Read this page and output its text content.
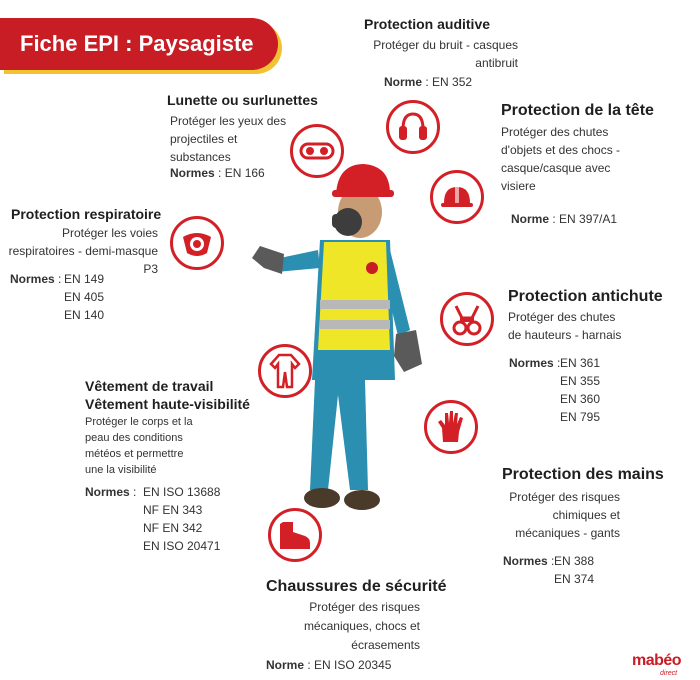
Fiche EPI : Paysagiste
Protection auditive
Protéger du bruit - casques
antibruit
Norme : EN 352
Protection de la tête
Protéger des chutes
d'objets et des chocs -
casque/casque avec
visiere
Norme : EN 397/A1
Lunette ou surlunettes
Protéger les yeux des
projectiles et
substances
Normes : EN 166
Protection respiratoire
Protéger les voies
respiratoires - demi-masque
P3
Normes : EN 149
EN 405
EN 140
Protection antichute
Protéger des chutes
de hauteurs - harnais
Normes : EN 361
EN 355
EN 360
EN 795
Vêtement de travail
Vêtement haute-visibilité
Protéger le corps et la
peau des conditions
météos et permettre
une la visibilité
Normes : EN ISO 13688
NF EN 343
NF EN 342
EN ISO 20471
Protection des mains
Protéger des risques
chimiques et
mécaniques - gants
Normes : EN 388
EN 374
Chaussures de sécurité
Protéger des risques
mécaniques, chocs et
écrasements
Norme : EN ISO 20345	mabéo
direct
